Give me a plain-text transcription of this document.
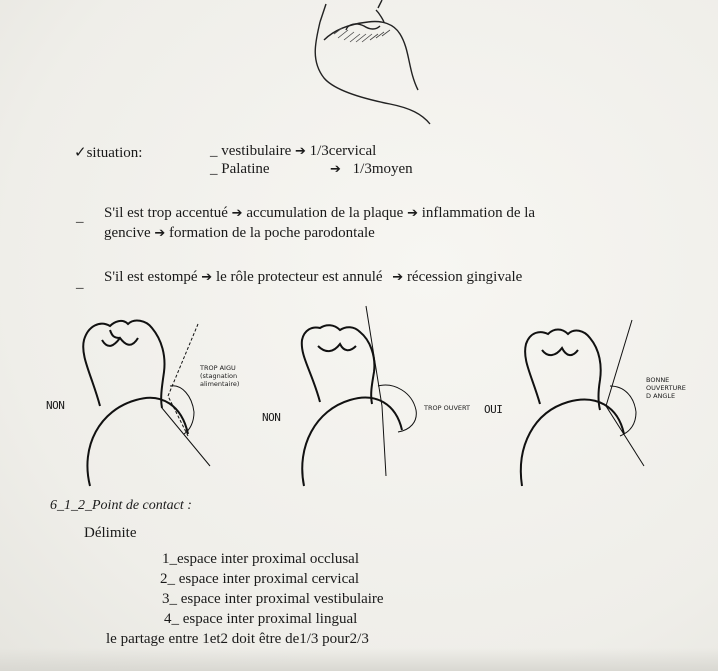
✓situation:	_ vestibulaire ➔ 1/3cervical
_ Palatine	➔ 1/3moyen
_ S'il est trop accentué ➔ accumulation de la plaque ➔ inflammation de la
gencive ➔ formation de la poche parodontale
_ S'il est estompé ➔ le rôle protecteur est annulé ➔ récession gingivale
NON
TROP AIGU
(stagnation
alimentaire)
NON
TROP OUVERT OUI
BONNE
OUVERTURE
D ANGLE
6_1_2_Point de contact :
Délimite
1_espace inter proximal occlusal
2_ espace inter proximal cervical
3_ espace inter proximal vestibulaire
4_ espace inter proximal lingual
le partage entre 1et2 doit être de1/3 pour2/3
